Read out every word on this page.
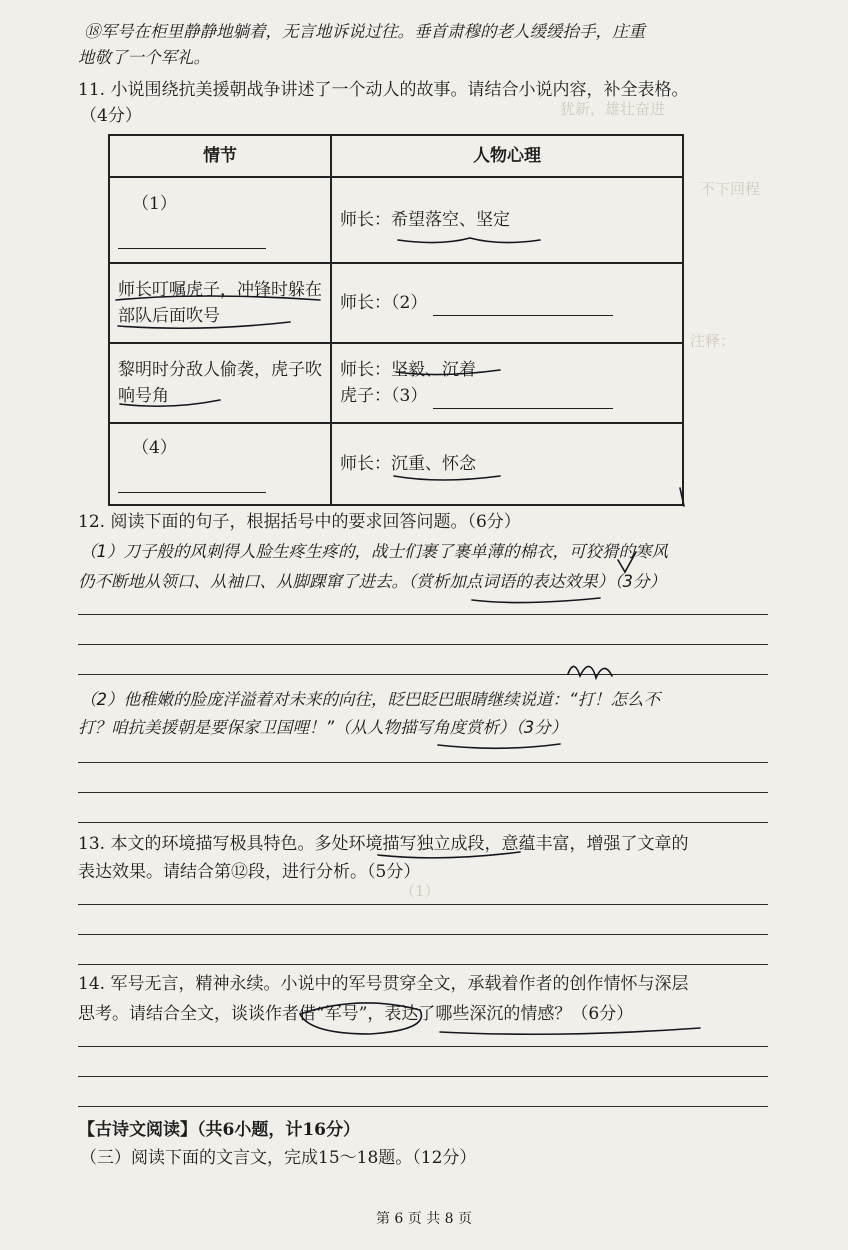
犹新，雄壮奋进
不下回程
注释：
（1）
⑱军号在柜里静静地躺着，无言地诉说过往。垂首肃穆的老人缓缓抬手，庄重
地敬了一个军礼。
11. 小说围绕抗美援朝战争讲述了一个动人的故事。请结合小说内容，补全表格。
（4分）
情节	人物心理

（1）	师长：希望落空、坚定
师长叮嘱虎子，冲锋时躲在部队后面吹号	师长：（2）
黎明时分敌人偷袭，虎子吹响号角	师长：坚毅、沉着
虎子：（3）

（4）	师长：沉重、怀念
12. 阅读下面的句子，根据括号中的要求回答问题。（6分）
（1）刀子般的风刺得人脸生疼生疼的，战士们裹了裹单薄的棉衣，可狡猾的寒风
仍不断地从领口、从袖口、从脚踝窜了进去。（赏析加点词语的表达效果）（3分）
（2）他稚嫩的脸庞洋溢着对未来的向往，眨巴眨巴眼睛继续说道：“打！怎么不
打？咱抗美援朝是要保家卫国哩！”（从人物描写角度赏析）（3分）
13. 本文的环境描写极具特色。多处环境描写独立成段，意蕴丰富，增强了文章的
表达效果。请结合第⑫段，进行分析。（5分）
14. 军号无言，精神永续。小说中的军号贯穿全文，承载着作者的创作情怀与深层
思考。请结合全文，谈谈作者借“军号”，表达了哪些深沉的情感？（6分）
【古诗文阅读】（共6小题，计16分）
（三）阅读下面的文言文，完成15～18题。（12分）
第 6 页 共 8 页
